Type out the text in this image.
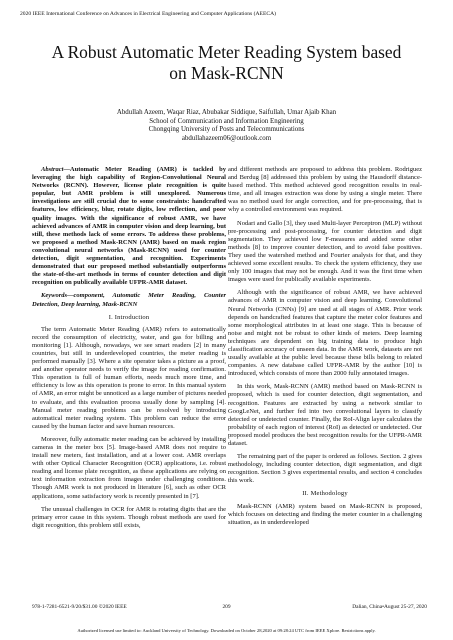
2020 IEEE International Conference on Advances in Electrical Engineering and Computer Applications (AEECA)
A Robust Automatic Meter Reading System based
on Mask-RCNN
Abdullah Azeem, Waqar Riaz, Abubakar Siddique, Saifullah, Umar Ajaib Khan
School of Communication and Information Engineering
Chongqing University of Posts and Telecommunications
abdullahazeem06@outlook.com

Abstract—Automatic Meter Reading (AMR) is tackled by leveraging the high capability of Region-Convolutional Neural Networks (RCNN). However, license plate recognition is quite popular, but AMR problem is still unexplored. Numerous investigations are still crucial due to some constraints: handcrafted features, low efficiency, blur, rotate digits, low reflection, and poor quality images. With the significance of robust AMR, we have achieved advances of AMR in computer vision and deep learning, but still, these methods lack of some errors. To address these problems, we proposed a method Mask-RCNN (AMR) based on mask region convolutional neural networks (Mask-RCNN) used for counter detection, digit segmentation, and recognition. Experiments demonstrated that our proposed method substantially outperforms the state-of-the-art methods in terms of counter detection and digit recognition on publically available UFPR-AMR dataset.

Keywords—component, Automatic Meter Reading, Counter Detection, Deep learning, Mask-RCNN

I. Introduction

The term Automatic Meter Reading (AMR) refers to automatically record the consumption of electricity, water, and gas for billing and monitoring [1]. Although, nowadays, we see smart readers [2] in many countries, but still in underdeveloped countries, the meter reading is performed manually [3]. Where a site operator takes a picture as a proof, and another operator needs to verify the image for reading confirmation. This operation is full of human efforts, needs much more time, and efficiency is low as this operation is prone to error. In this manual system of AMR, an error might be unnoticed as a large number of pictures needed to evaluate, and this evaluation process usually done by sampling [4]. Manual meter reading problems can be resolved by introducing automatical meter reading system. This problem can reduce the error caused by the human factor and save human resources.

Moreover, fully automatic meter reading can be achieved by installing cameras in the meter box [5]. Image-based AMR does not require to install new meters, fast installation, and at a lower cost. AMR overlaps with other Optical Character Recognition (OCR) applications, i.e. robust reading and license plate recognition, as these applications are relying on text information extraction from images under challenging conditions. Though AMR work is not produced in literature [6], such as other OCR applications, some satisfactory work is recently presented in [7].

The unusual challenges in OCR for AMR is rotating digits that are the primary error cause in this system. Though robust methods are used for digit recognition, this problem still exists,

and different methods are proposed to address this problem. Rodriguez and Berdug [8] addressed this problem by using the Hausdorff distance-based method. This method achieved good recognition results in real-time, and all images extraction was done by using a single meter. There was no method used for angle correction, and for pre-processing, that is why a controlled environment was required.

Nodari and Gallo [3], they used Multi-layer Perceptron (MLP) without pre-processing and post-processing, for counter detection and digit segmentation. They achieved low F-measures and added some other methods [8] to improve counter detection, and to avoid false positives. They used the watershed method and Fourier analysis for that, and they achieved some excellent results. To check the system efficiency, they use only 100 images that may not be enough. And it was the first time when images were used for publically available experiments.

Although with the significance of robust AMR, we have achieved advances of AMR in computer vision and deep learning. Convolutional Neural Networks (CNNs) [9] are used at all stages of AMR. Prior work depends on handcrafted features that capture the meter color features and some morphological attributes in at least one stage. This is because of noise and might not be robust to other kinds of meters. Deep learning techniques are dependent on big training data to produce high classification accuracy of unseen data. In the AMR work, datasets are not usually available at the public level because these bills belong to related companies. A new database called UFPR-AMR by the author [10] is introduced, which consists of more than 2000 fully annotated images.

In this work, Mask-RCNN (AMR) method based on Mask-RCNN is proposed, which is used for counter detection, digit segmentation, and recognition. Features are extracted by using a network similar to GoogLeNet, and further fed into two convolutional layers to classify detected or undetected counter. Finally, the RoI-Align layer calculates the probability of each region of interest (RoI) as detected or undetected. Our proposed model produces the best recognition results for the UFPR-AMR dataset.

The remaining part of the paper is ordered as follows. Section. 2 gives methodology, including counter detection, digit segmentation, and digit recognition. Section 3 gives experimental results, and section 4 concludes this work.

II. Methodology

Mask-RCNN (AMR) system based on Mask-RCNN is proposed, which focuses on detecting and finding the meter counter in a challenging situation, as in underdeveloped

978-1-7281-6521-9/20/$31.00 ©2020 IEEE	209	Dalian, China•August 25-27, 2020
Authorized licensed use limited to: Auckland University of Technology. Downloaded on October 28,2020 at 09:28:24 UTC from IEEE Xplore. Restrictions apply.
